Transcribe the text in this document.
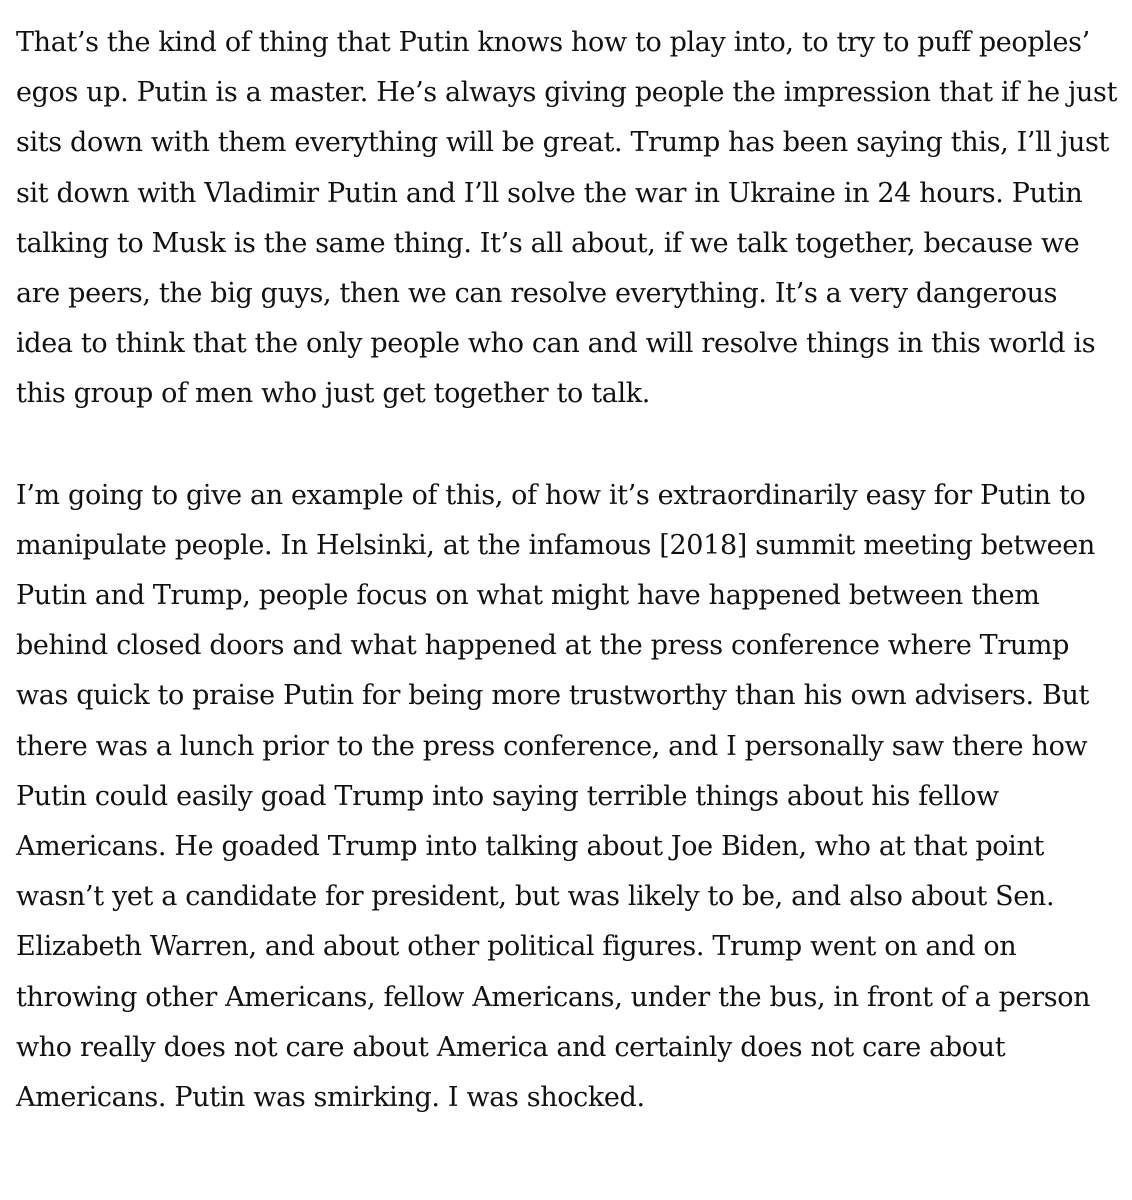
That’s the kind of thing that Putin knows how to play into, to try to puff peoples’ egos up. Putin is a master. He’s always giving people the impression that if he just sits down with them everything will be great. Trump has been saying this, I’ll just sit down with Vladimir Putin and I’ll solve the war in Ukraine in 24 hours. Putin talking to Musk is the same thing. It’s all about, if we talk together, because we are peers, the big guys, then we can resolve everything. It’s a very dangerous idea to think that the only people who can and will resolve things in this world is this group of men who just get together to talk.

I’m going to give an example of this, of how it’s extraordinarily easy for Putin to manipulate people. In Helsinki, at the infamous [2018] summit meeting between Putin and Trump, people focus on what might have happened between them behind closed doors and what happened at the press conference where Trump was quick to praise Putin for being more trustworthy than his own advisers. But there was a lunch prior to the press conference, and I personally saw there how Putin could easily goad Trump into saying terrible things about his fellow Americans. He goaded Trump into talking about Joe Biden, who at that point wasn’t yet a candidate for president, but was likely to be, and also about Sen. Elizabeth Warren, and about other political figures. Trump went on and on throwing other Americans, fellow Americans, under the bus, in front of a person who really does not care about America and certainly does not care about Americans. Putin was smirking. I was shocked.
